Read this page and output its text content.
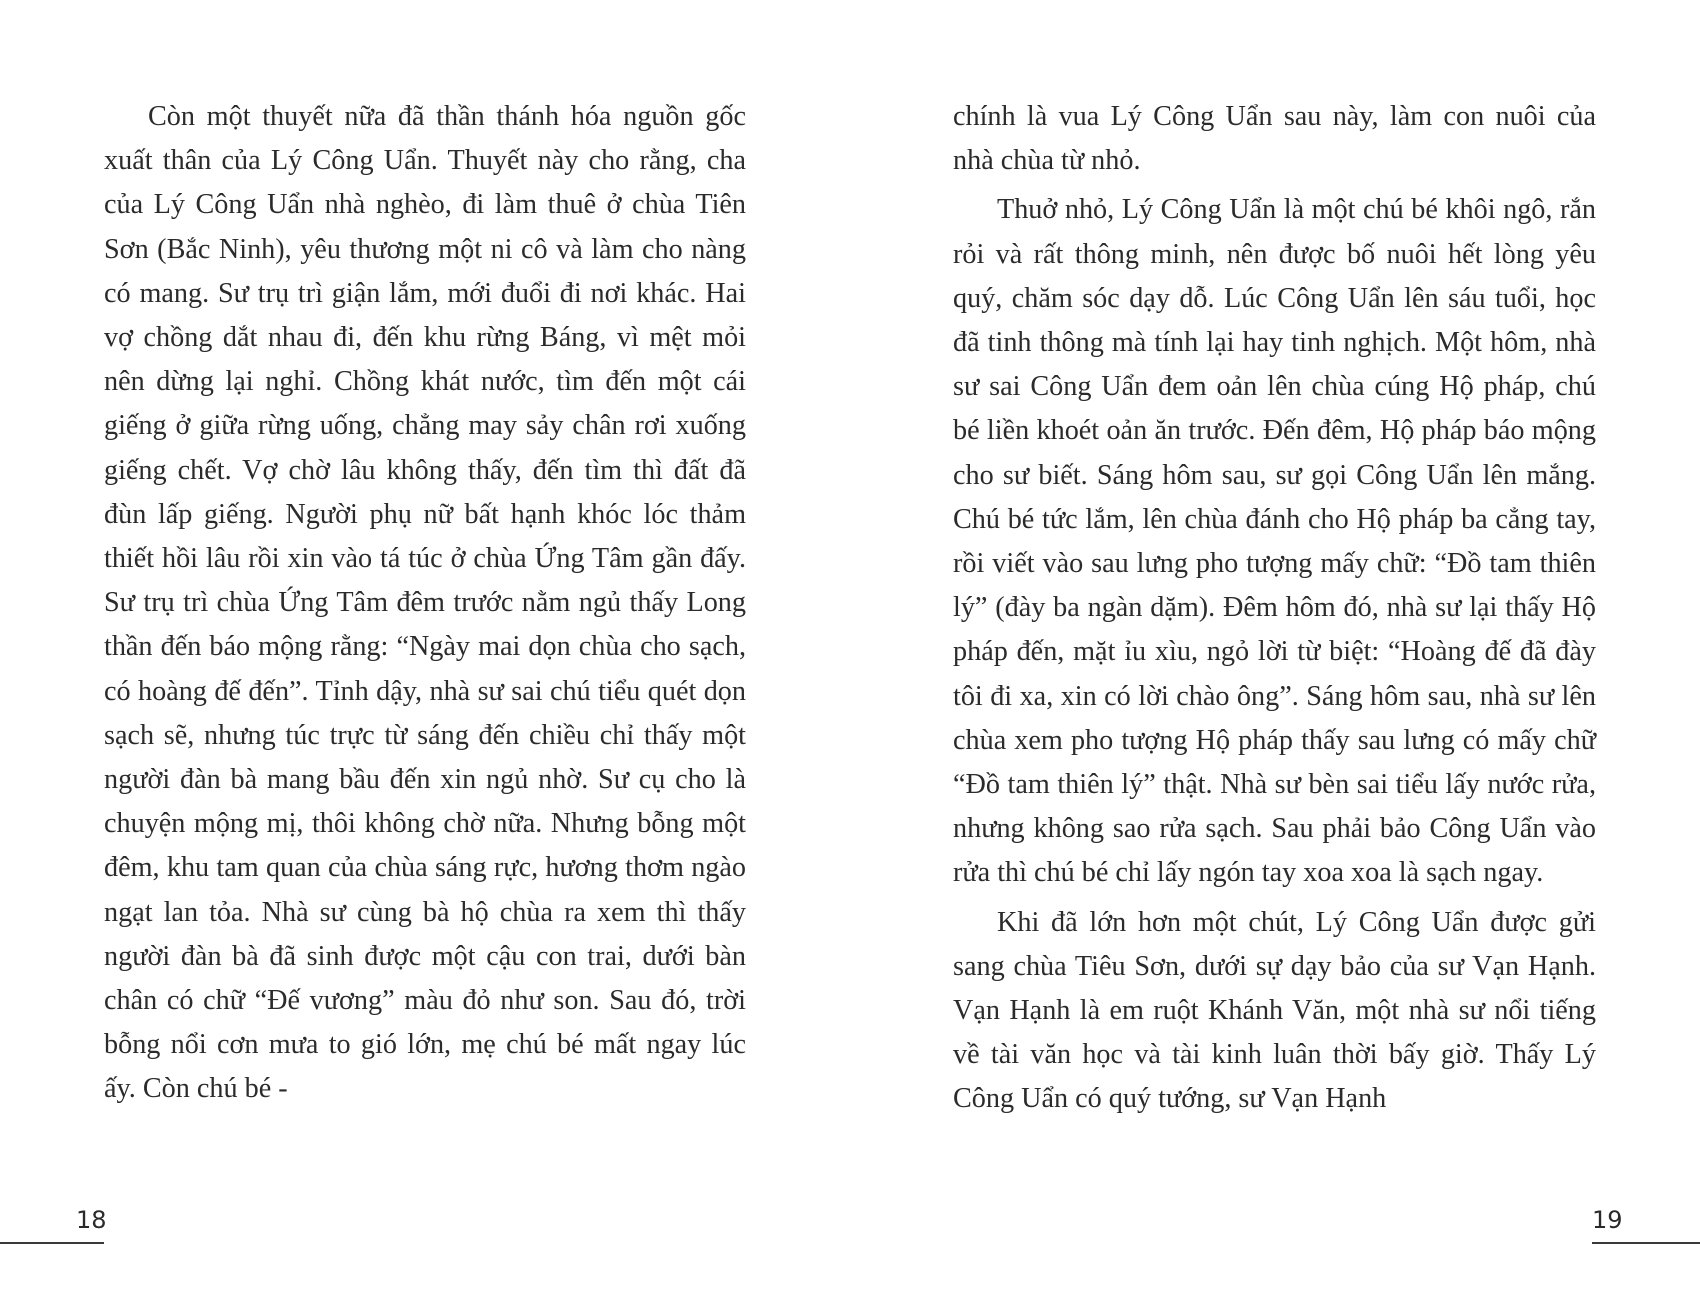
Còn một thuyết nữa đã thần thánh hóa nguồn gốc xuất thân của Lý Công Uẩn. Thuyết này cho rằng, cha của Lý Công Uẩn nhà nghèo, đi làm thuê ở chùa Tiên Sơn (Bắc Ninh), yêu thương một ni cô và làm cho nàng có mang. Sư trụ trì giận lắm, mới đuổi đi nơi khác. Hai vợ chồng dắt nhau đi, đến khu rừng Báng, vì mệt mỏi nên dừng lại nghỉ. Chồng khát nước, tìm đến một cái giếng ở giữa rừng uống, chẳng may sảy chân rơi xuống giếng chết. Vợ chờ lâu không thấy, đến tìm thì đất đã đùn lấp giếng. Người phụ nữ bất hạnh khóc lóc thảm thiết hồi lâu rồi xin vào tá túc ở chùa Ứng Tâm gần đấy. Sư trụ trì chùa Ứng Tâm đêm trước nằm ngủ thấy Long thần đến báo mộng rằng: “Ngày mai dọn chùa cho sạch, có hoàng đế đến”. Tỉnh dậy, nhà sư sai chú tiểu quét dọn sạch sẽ, nhưng túc trực từ sáng đến chiều chỉ thấy một người đàn bà mang bầu đến xin ngủ nhờ. Sư cụ cho là chuyện mộng mị, thôi không chờ nữa. Nhưng bỗng một đêm, khu tam quan của chùa sáng rực, hương thơm ngào ngạt lan tỏa. Nhà sư cùng bà hộ chùa ra xem thì thấy người đàn bà đã sinh được một cậu con trai, dưới bàn chân có chữ “Đế vương” màu đỏ như son. Sau đó, trời bỗng nổi cơn mưa to gió lớn, mẹ chú bé mất ngay lúc ấy. Còn chú bé -

18

chính là vua Lý Công Uẩn sau này, làm con nuôi của nhà chùa từ nhỏ.

Thuở nhỏ, Lý Công Uẩn là một chú bé khôi ngô, rắn rỏi và rất thông minh, nên được bố nuôi hết lòng yêu quý, chăm sóc dạy dỗ. Lúc Công Uẩn lên sáu tuổi, học đã tinh thông mà tính lại hay tinh nghịch. Một hôm, nhà sư sai Công Uẩn đem oản lên chùa cúng Hộ pháp, chú bé liền khoét oản ăn trước. Đến đêm, Hộ pháp báo mộng cho sư biết. Sáng hôm sau, sư gọi Công Uẩn lên mắng. Chú bé tức lắm, lên chùa đánh cho Hộ pháp ba cẳng tay, rồi viết vào sau lưng pho tượng mấy chữ: “Đồ tam thiên lý” (đày ba ngàn dặm). Đêm hôm đó, nhà sư lại thấy Hộ pháp đến, mặt ỉu xìu, ngỏ lời từ biệt: “Hoàng đế đã đày tôi đi xa, xin có lời chào ông”. Sáng hôm sau, nhà sư lên chùa xem pho tượng Hộ pháp thấy sau lưng có mấy chữ “Đồ tam thiên lý” thật. Nhà sư bèn sai tiểu lấy nước rửa, nhưng không sao rửa sạch. Sau phải bảo Công Uẩn vào rửa thì chú bé chỉ lấy ngón tay xoa xoa là sạch ngay.

Khi đã lớn hơn một chút, Lý Công Uẩn được gửi sang chùa Tiêu Sơn, dưới sự dạy bảo của sư Vạn Hạnh. Vạn Hạnh là em ruột Khánh Văn, một nhà sư nổi tiếng về tài văn học và tài kinh luân thời bấy giờ. Thấy Lý Công Uẩn có quý tướng, sư Vạn Hạnh

19
